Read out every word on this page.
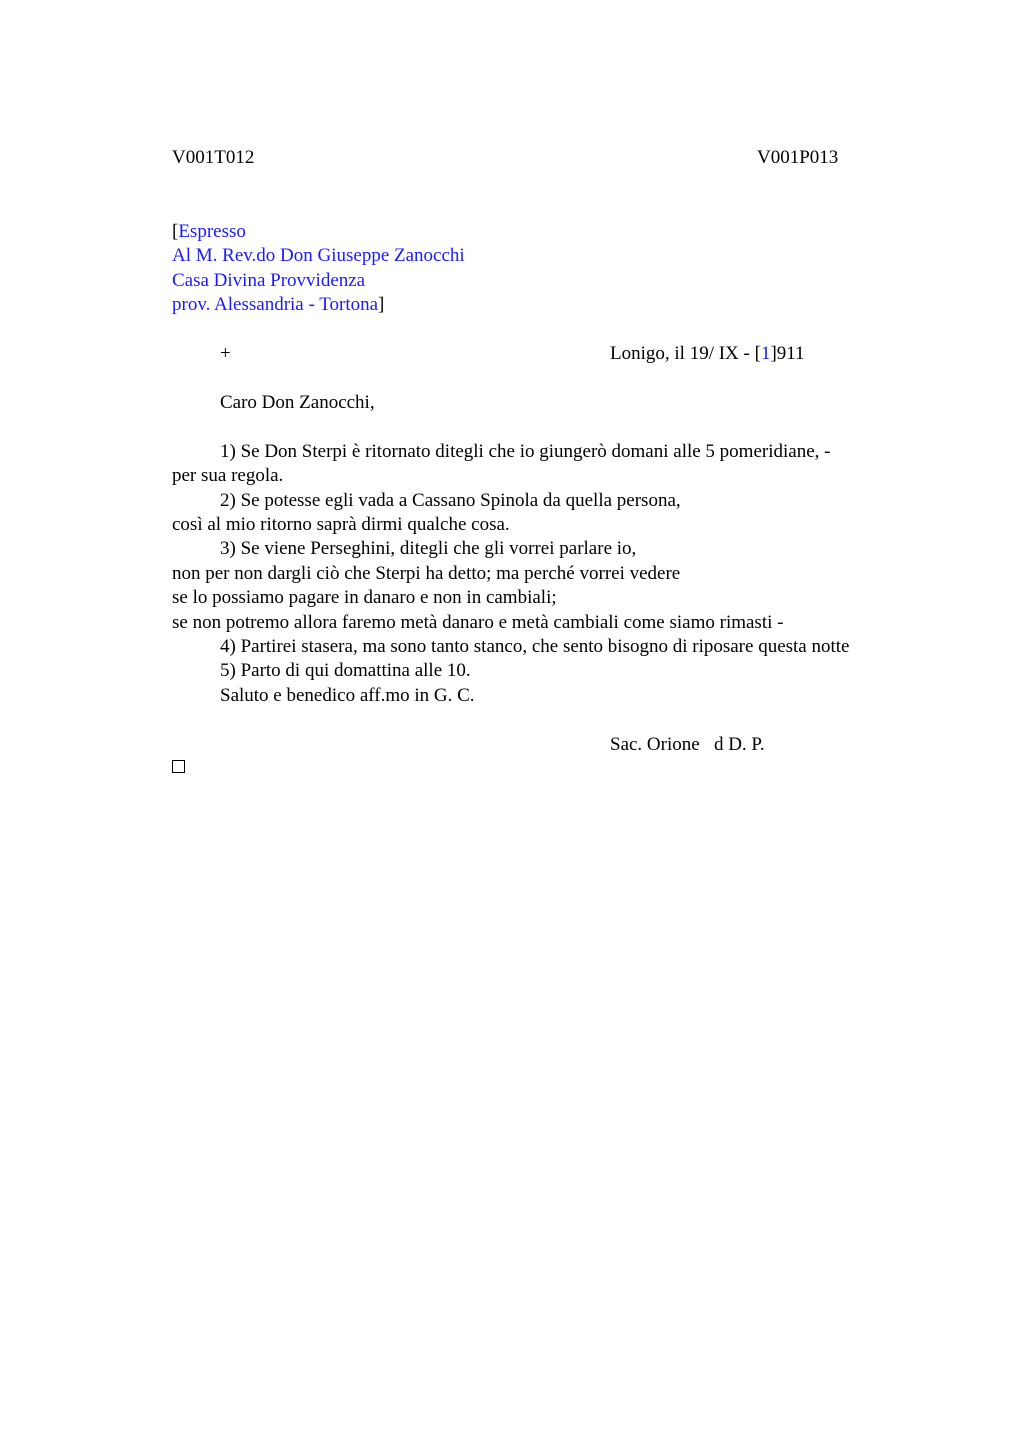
V001T012	V001P013
[Espresso
Al M. Rev.do Don Giuseppe Zanocchi
Casa Divina Provvidenza
prov. Alessandria - Tortona]
+	Lonigo, il 19/ IX - [1]911
Caro Don Zanocchi,
1) Se Don Sterpi è ritornato ditegli che io giungerò domani alle 5 pomeridiane, -
per sua regola.
2) Se potesse egli vada a Cassano Spinola da quella persona,
così al mio ritorno saprà dirmi qualche cosa.
3) Se viene Perseghini, ditegli che gli vorrei parlare io,
non per non dargli ciò che Sterpi ha detto; ma perché vorrei vedere
se lo possiamo pagare in danaro e non in cambiali;
se non potremo allora faremo metà danaro e metà cambiali come siamo rimasti -
4) Partirei stasera, ma sono tanto stanco, che sento bisogno di riposare questa notte
5) Parto di qui domattina alle 10.
Saluto e benedico aff.mo in G. C.
Sac. Orione   d D. P.
